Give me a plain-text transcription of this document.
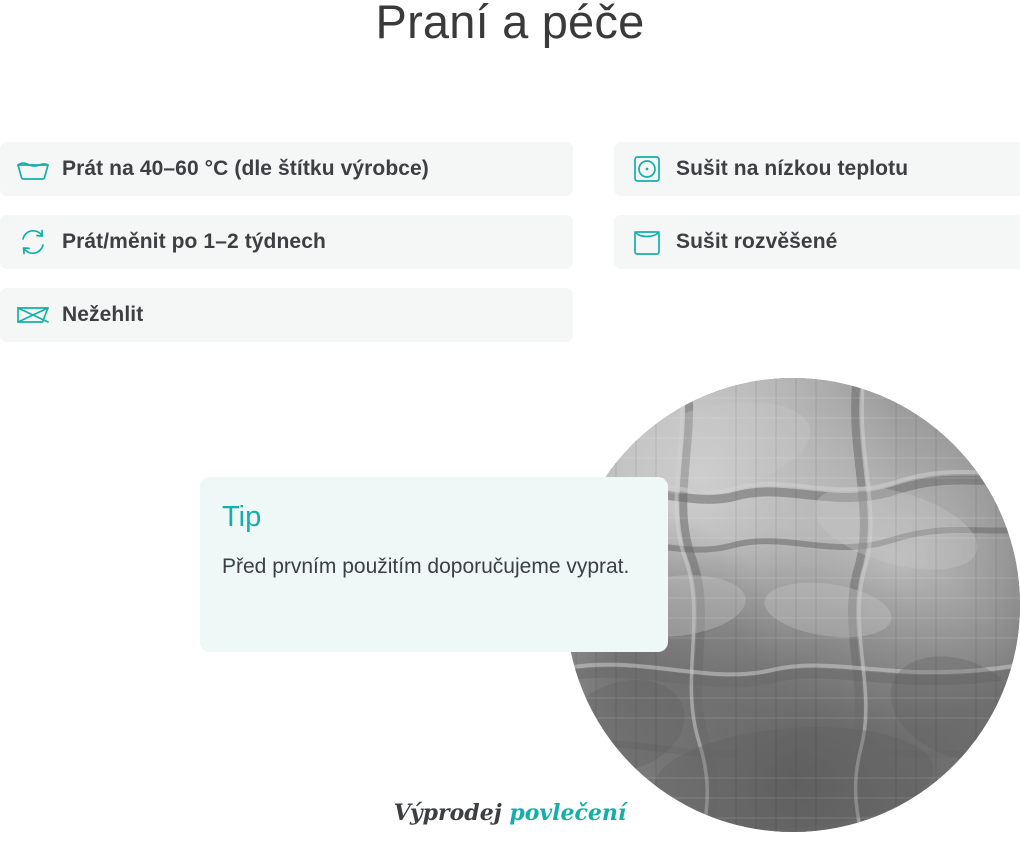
Praní a péče
Prát na 40–60 °C (dle štítku výrobce)
Prát/měnit po 1–2 týdnech
Nežehlit
Sušit na nízkou teplotu
Sušit rozvěšené
Tip
Před prvním použitím doporučujeme vyprat.
Výprodej povlečení
